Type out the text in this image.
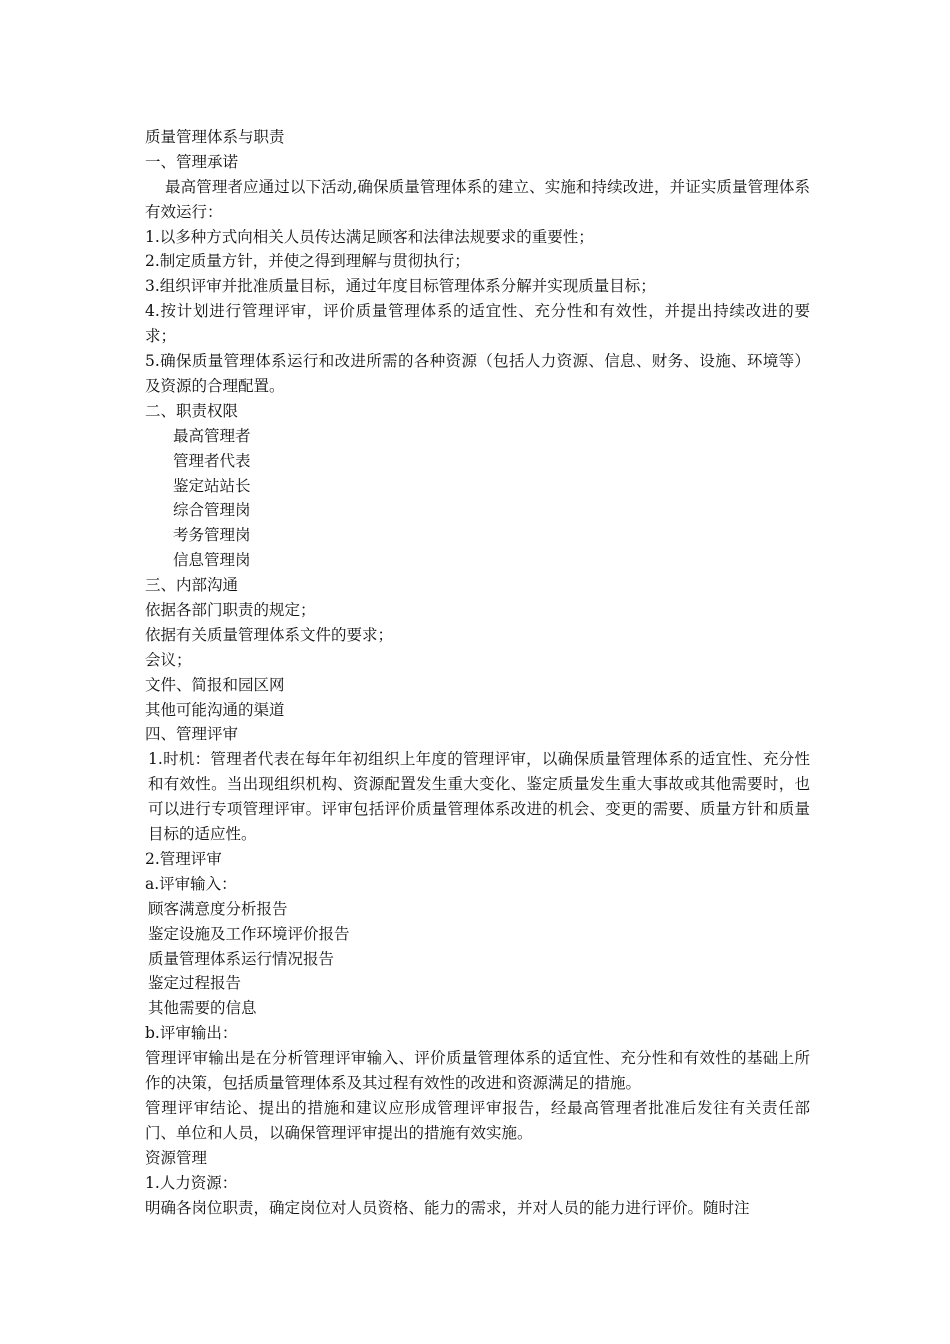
质量管理体系与职责
一、管理承诺
最高管理者应通过以下活动,确保质量管理体系的建立、实施和持续改进，并证实质量管理体系有效运行：
1.以多种方式向相关人员传达满足顾客和法律法规要求的重要性；
2.制定质量方针，并使之得到理解与贯彻执行；
3.组织评审并批准质量目标，通过年度目标管理体系分解并实现质量目标；
4.按计划进行管理评审，评价质量管理体系的适宜性、充分性和有效性，并提出持续改进的要求；
5.确保质量管理体系运行和改进所需的各种资源（包括人力资源、信息、财务、设施、环境等）及资源的合理配置。
二、职责权限
最高管理者
管理者代表
鉴定站站长
综合管理岗
考务管理岗
信息管理岗
三、内部沟通
依据各部门职责的规定；
依据有关质量管理体系文件的要求；
会议；
文件、简报和园区网
其他可能沟通的渠道
四、管理评审
1.时机：管理者代表在每年年初组织上年度的管理评审，以确保质量管理体系的适宜性、充分性和有效性。当出现组织机构、资源配置发生重大变化、鉴定质量发生重大事故或其他需要时，也可以进行专项管理评审。评审包括评价质量管理体系改进的机会、变更的需要、质量方针和质量目标的适应性。
2.管理评审
a.评审输入：
顾客满意度分析报告
鉴定设施及工作环境评价报告
质量管理体系运行情况报告
鉴定过程报告
其他需要的信息
b.评审输出：
管理评审输出是在分析管理评审输入、评价质量管理体系的适宜性、充分性和有效性的基础上所作的决策，包括质量管理体系及其过程有效性的改进和资源满足的措施。
管理评审结论、提出的措施和建议应形成管理评审报告，经最高管理者批准后发往有关责任部门、单位和人员，以确保管理评审提出的措施有效实施。
资源管理
1.人力资源：
明确各岗位职责，确定岗位对人员资格、能力的需求，并对人员的能力进行评价。随时注
